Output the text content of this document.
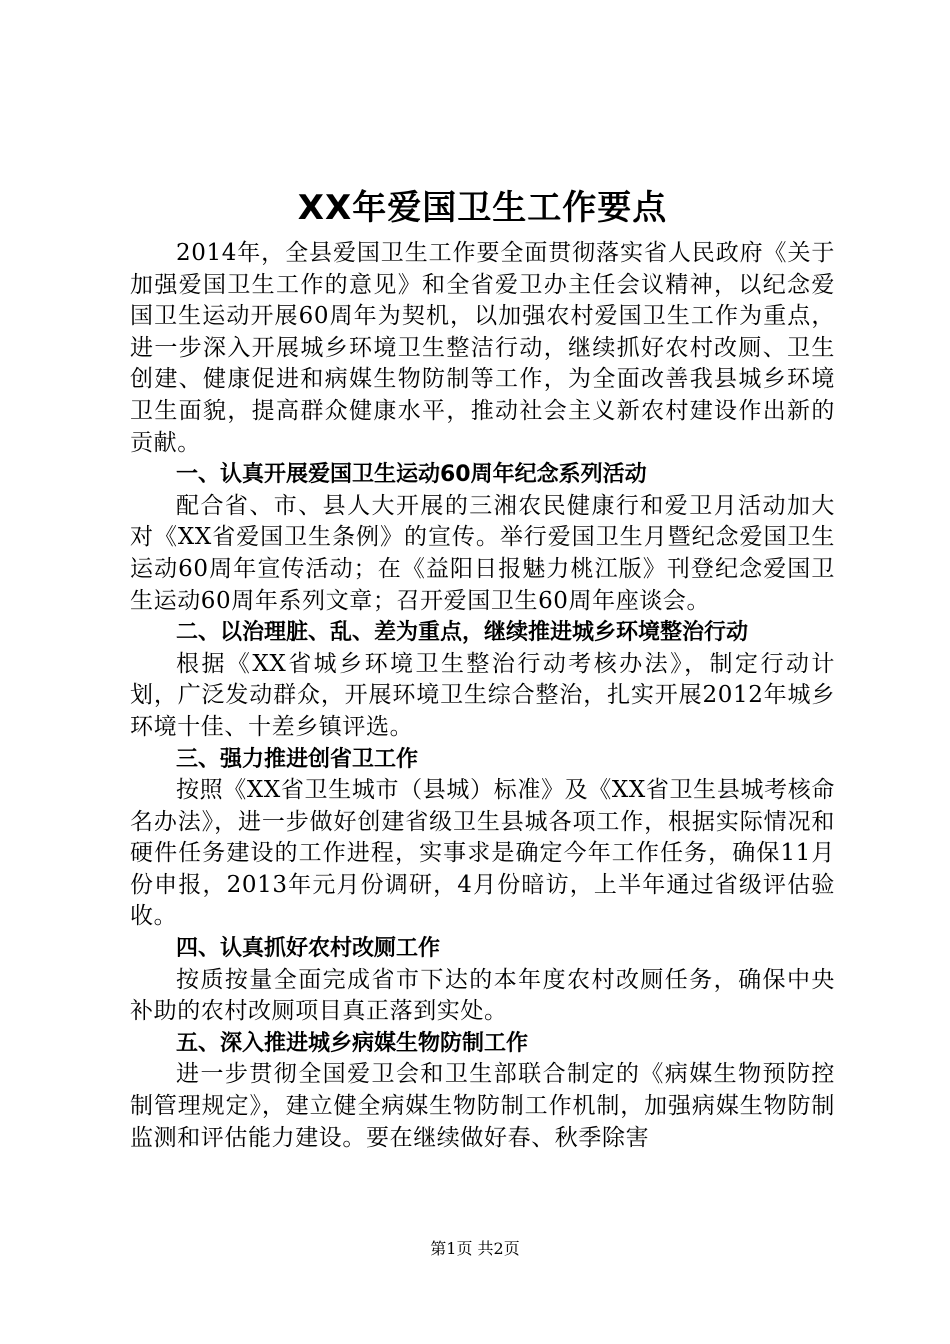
XX年爱国卫生工作要点

2014年，全县爱国卫生工作要全面贯彻落实省人民政府《关于加强爱国卫生工作的意见》和全省爱卫办主任会议精神，以纪念爱国卫生运动开展60周年为契机，以加强农村爱国卫生工作为重点，进一步深入开展城乡环境卫生整洁行动，继续抓好农村改厕、卫生创建、健康促进和病媒生物防制等工作，为全面改善我县城乡环境卫生面貌，提高群众健康水平，推动社会主义新农村建设作出新的贡献。

一、认真开展爱国卫生运动60周年纪念系列活动

配合省、市、县人大开展的三湘农民健康行和爱卫月活动加大对《XX省爱国卫生条例》的宣传。举行爱国卫生月暨纪念爱国卫生运动60周年宣传活动；在《益阳日报魅力桃江版》刊登纪念爱国卫生运动60周年系列文章；召开爱国卫生60周年座谈会。

二、以治理脏、乱、差为重点，继续推进城乡环境整治行动

根据《XX省城乡环境卫生整治行动考核办法》，制定行动计划，广泛发动群众，开展环境卫生综合整治，扎实开展2012年城乡环境十佳、十差乡镇评选。

三、强力推进创省卫工作

按照《XX省卫生城市（县城）标准》及《XX省卫生县城考核命名办法》，进一步做好创建省级卫生县城各项工作，根据实际情况和硬件任务建设的工作进程，实事求是确定今年工作任务，确保11月份申报，2013年元月份调研，4月份暗访，上半年通过省级评估验收。

四、认真抓好农村改厕工作

按质按量全面完成省市下达的本年度农村改厕任务，确保中央补助的农村改厕项目真正落到实处。

五、深入推进城乡病媒生物防制工作

进一步贯彻全国爱卫会和卫生部联合制定的《病媒生物预防控制管理规定》，建立健全病媒生物防制工作机制，加强病媒生物防制监测和评估能力建设。要在继续做好春、秋季除害

第1页 共2页
